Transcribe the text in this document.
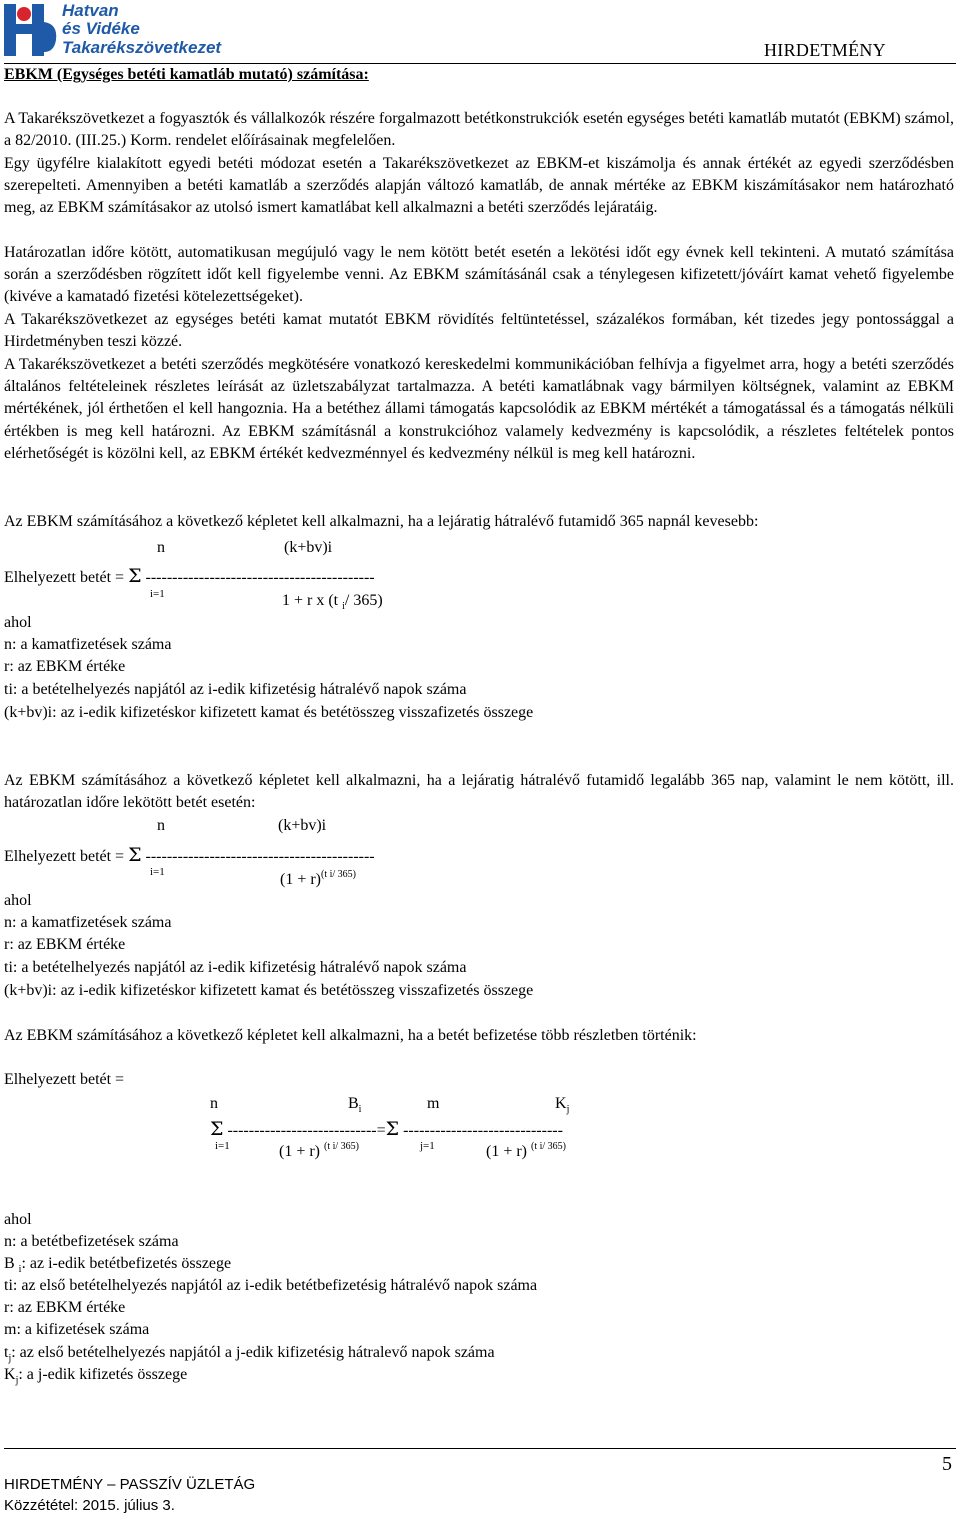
Hatvan
és Vidéke
Takarékszövetkezet	HIRDETMÉNY
EBKM (Egységes betéti kamatláb mutató) számítása:
A Takarékszövetkezet a fogyasztók és vállalkozók részére forgalmazott betétkonstrukciók esetén egységes betéti kamatláb mutatót (EBKM) számol, a 82/2010. (III.25.) Korm. rendelet előírásainak megfelelően.
Egy ügyfélre kialakított egyedi betéti módozat esetén a Takarékszövetkezet az EBKM-et kiszámolja és annak értékét az egyedi szerződésben szerepelteti. Amennyiben a betéti kamatláb a szerződés alapján változó kamatláb, de annak mértéke az EBKM kiszámításakor nem határozható meg, az EBKM számításakor az utolsó ismert kamatlábat kell alkalmazni a betéti szerződés lejáratáig.
Határozatlan időre kötött, automatikusan megújuló vagy le nem kötött betét esetén a lekötési időt egy évnek kell tekinteni. A mutató számítása során a szerződésben rögzített időt kell figyelembe venni. Az EBKM számításánál csak a ténylegesen kifizetett/jóváírt kamat vehető figyelembe (kivéve a kamatadó fizetési kötelezettségeket).
A Takarékszövetkezet az egységes betéti kamat mutatót EBKM rövidítés feltüntetéssel, százalékos formában, két tizedes jegy pontossággal a Hirdetményben teszi közzé.
A Takarékszövetkezet a betéti szerződés megkötésére vonatkozó kereskedelmi kommunikációban felhívja a figyelmet arra, hogy a betéti szerződés általános feltételeinek részletes leírását az üzletszabályzat tartalmazza. A betéti kamatlábnak vagy bármilyen költségnek, valamint az EBKM mértékének, jól érthetően el kell hangoznia. Ha a betéthez állami támogatás kapcsolódik az EBKM mértékét a támogatással és a támogatás nélküli értékben is meg kell határozni. Az EBKM számításnál a konstrukcióhoz valamely kedvezmény is kapcsolódik, a részletes feltételek pontos elérhetőségét is közölni kell, az EBKM értékét kedvezménnyel és kedvezmény nélkül is meg kell határozni.
Az EBKM számításához a következő képletet kell alkalmazni, ha a lejáratig hátralévő futamidő 365 napnál kevesebb:
n	(k+bv)i
Elhelyezett betét = Σ -------------------------------------------
i=1	1 + r x (t $_i$/ 365)
ahol
n: a kamatfizetések száma
r: az EBKM értéke
ti: a betételhelyezés napjától az i-edik kifizetésig hátralévő napok száma
(k+bv)i: az i-edik kifizetéskor kifizetett kamat és betétösszeg visszafizetés összege
Az EBKM számításához a következő képletet kell alkalmazni, ha a lejáratig hátralévő futamidő legalább 365 nap, valamint le nem kötött, ill. határozatlan időre lekötött betét esetén:
n	(k+bv)i
Elhelyezett betét = Σ -------------------------------------------
i=1	$(1 + r)^{(t i/ 365)}$
ahol
n: a kamatfizetések száma
r: az EBKM értéke
ti: a betételhelyezés napjától az i-edik kifizetésig hátralévő napok száma
(k+bv)i: az i-edik kifizetéskor kifizetett kamat és betétösszeg visszafizetés összege
Az EBKM számításához a következő képletet kell alkalmazni, ha a betét befizetése több részletben történik:
Elhelyezett betét =
n	$B_i$	m	$K_j$
Σ ----------------------------=Σ ------------------------------
i=1	j=1
(1 + r) $^{(t i/ 365)}$	(1 + r) $^{(t i/ 365)}$
ahol
n: a betétbefizetések száma
B $_i$: az i-edik betétbefizetés összege
ti: az első betételhelyezés napjától az i-edik betétbefizetésig hátralévő napok száma
r: az EBKM értéke
m: a kifizetések száma
$t_j$: az első betételhelyezés napjától a j-edik kifizetésig hátralevő napok száma
$K_j$: a j-edik kifizetés összege
5
HIRDETMÉNY – PASSZÍV ÜZLETÁG
Közzététel: 2015. július 3.
